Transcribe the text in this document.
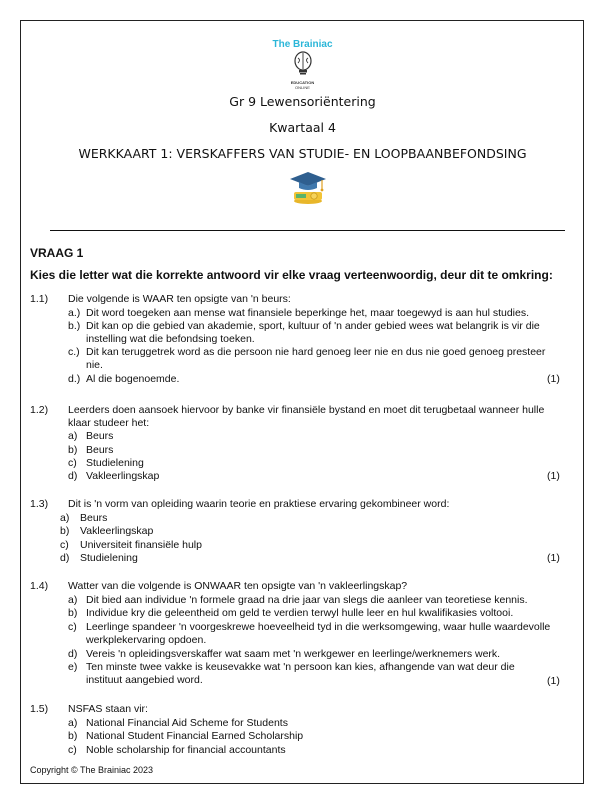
The Brainiac
EDUCATION
ONLINE
Gr 9 Lewensoriëntering
Kwartaal 4
WERKKAART 1: VERSKAFFERS VAN STUDIE- EN LOOPBAANBEFONDSING
VRAAG 1
Kies die letter wat die korrekte antwoord vir elke vraag verteenwoordig, deur dit te omkring:
1.1) Die volgende is WAAR ten opsigte van 'n beurs:
a.) Dit word toegeken aan mense wat finansiele beperkinge het, maar toegewyd is aan hul studies.
b.) Dit kan op die gebied van akademie, sport, kultuur of 'n ander gebied wees wat belangrik is vir die
instelling wat die befondsing toeken.
c.) Dit kan teruggetrek word as die persoon nie hard genoeg leer nie en dus nie goed genoeg presteer
nie.
d.) Al die bogenoemde.	(1)
1.2) Leerders doen aansoek hiervoor by banke vir finansiële bystand en moet dit terugbetaal wanneer hulle
klaar studeer het:
a) Beurs
b) Beurs
c) Studielening
d) Vakleerlingskap	(1)
1.3) Dit is 'n vorm van opleiding waarin teorie en praktiese ervaring gekombineer word:
a) Beurs
b) Vakleerlingskap
c) Universiteit finansiële hulp
d) Studielening	(1)
1.4) Watter van die volgende is ONWAAR ten opsigte van 'n vakleerlingskap?
a) Dit bied aan individue 'n formele graad na drie jaar van slegs die aanleer van teoretiese kennis.
b) Individue kry die geleentheid om geld te verdien terwyl hulle leer en hul kwalifikasies voltooi.
c) Leerlinge spandeer 'n voorgeskrewe hoeveelheid tyd in die werksomgewing, waar hulle waardevolle
werkplekervaring opdoen.
d) Vereis 'n opleidingsverskaffer wat saam met 'n werkgewer en leerlinge/werknemers werk.
e) Ten minste twee vakke is keusevakke wat 'n persoon kan kies, afhangende van wat deur die
instituut aangebied word.	(1)
1.5) NSFAS staan vir:
a) National Financial Aid Scheme for Students
b) National Student Financial Earned Scholarship
c) Noble scholarship for financial accountants
Copyright © The Brainiac 2023
